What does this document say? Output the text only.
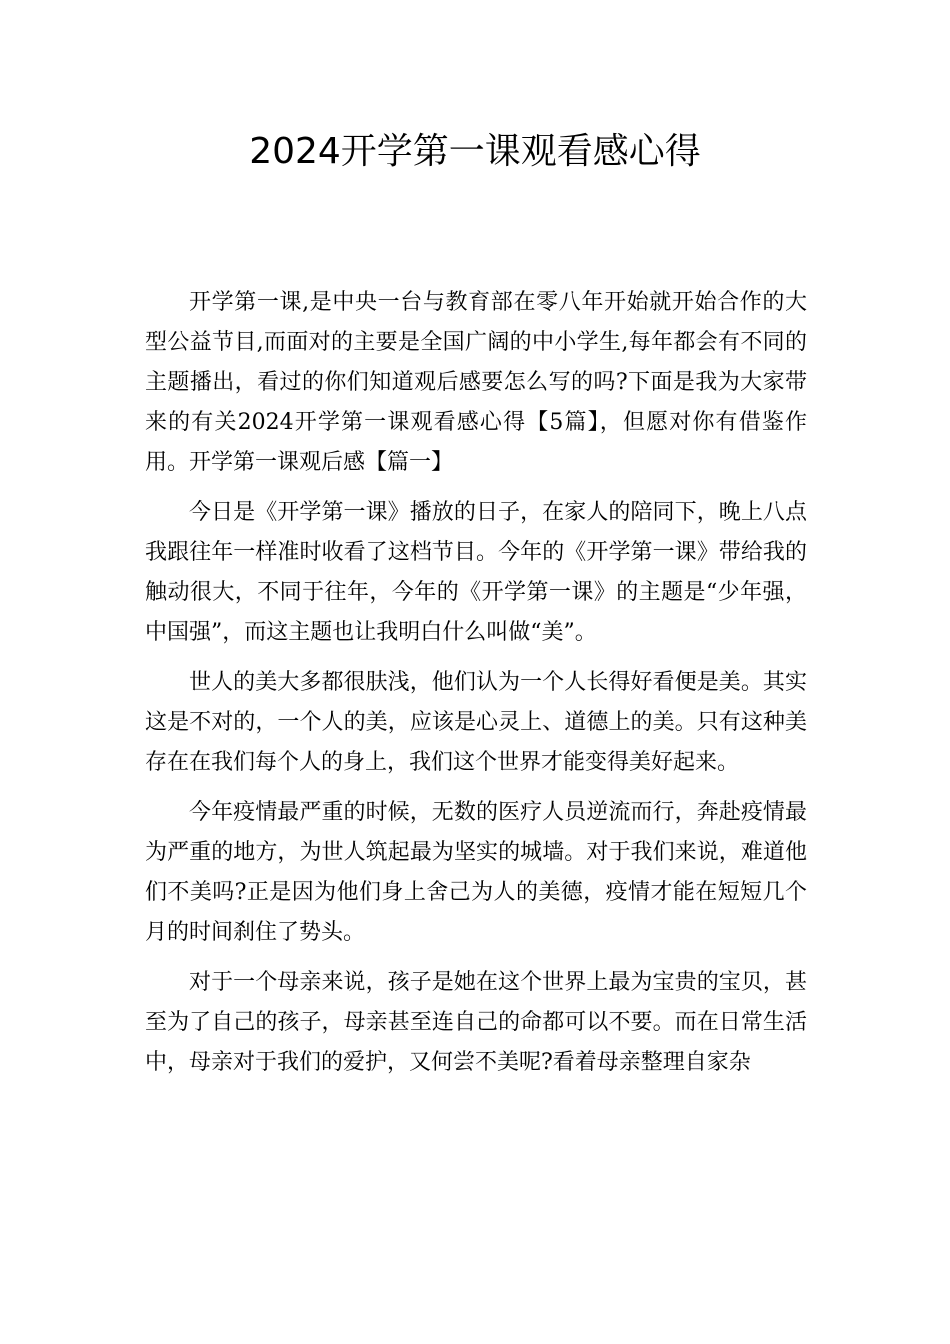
2024开学第一课观看感心得

开学第一课,是中央一台与教育部在零八年开始就开始合作的大型公益节目,而面对的主要是全国广阔的中小学生,每年都会有不同的主题播出，看过的你们知道观后感要怎么写的吗?下面是我为大家带来的有关2024开学第一课观看感心得【5篇】，但愿对你有借鉴作用。开学第一课观后感【篇一】

今日是《开学第一课》播放的日子，在家人的陪同下，晚上八点我跟往年一样准时收看了这档节目。今年的《开学第一课》带给我的触动很大，不同于往年，今年的《开学第一课》的主题是“少年强，中国强”，而这主题也让我明白什么叫做“美”。

世人的美大多都很肤浅，他们认为一个人长得好看便是美。其实这是不对的，一个人的美，应该是心灵上、道德上的美。只有这种美存在在我们每个人的身上，我们这个世界才能变得美好起来。

今年疫情最严重的时候，无数的医疗人员逆流而行，奔赴疫情最为严重的地方，为世人筑起最为坚实的城墙。对于我们来说，难道他们不美吗?正是因为他们身上舍己为人的美德，疫情才能在短短几个月的时间刹住了势头。

对于一个母亲来说，孩子是她在这个世界上最为宝贵的宝贝，甚至为了自己的孩子，母亲甚至连自己的命都可以不要。而在日常生活中，母亲对于我们的爱护，又何尝不美呢?看着母亲整理自家杂
